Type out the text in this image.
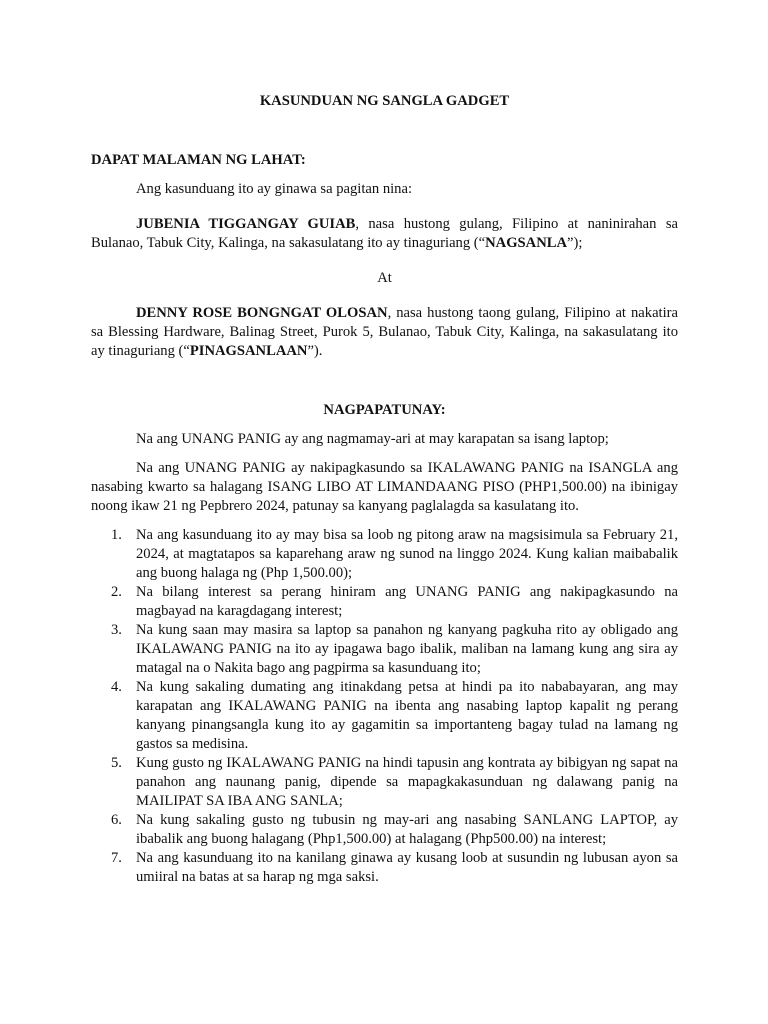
KASUNDUAN NG SANGLA GADGET

DAPAT MALAMAN NG LAHAT:

Ang kasunduang ito ay ginawa sa pagitan nina:

JUBENIA TIGGANGAY GUIAB, nasa hustong gulang, Filipino at naninirahan sa Bulanao, Tabuk City, Kalinga, na sakasulatang ito ay tinaguriang (“NAGSANLA”);

At

DENNY ROSE BONGNGAT OLOSAN, nasa hustong taong gulang, Filipino at nakatira sa Blessing Hardware, Balinag Street, Purok 5, Bulanao, Tabuk City, Kalinga, na sakasulatang ito ay tinaguriang (“PINAGSANLAAN”).

NAGPAPATUNAY:

Na ang UNANG PANIG ay ang nagmamay-ari at may karapatan sa isang laptop;

Na ang UNANG PANIG ay nakipagkasundo sa IKALAWANG PANIG na ISANGLA ang nasabing kwarto sa halagang ISANG LIBO AT LIMANDAANG PISO (PHP1,500.00) na ibinigay noong ikaw 21 ng Pepbrero 2024, patunay sa kanyang paglalagda sa kasulatang ito.

1. Na ang kasunduang ito ay may bisa sa loob ng pitong araw na magsisimula sa February 21, 2024, at magtatapos sa kaparehang araw ng sunod na linggo 2024. Kung kalian maibabalik ang buong halaga ng (Php 1,500.00);
2. Na bilang interest sa perang hiniram ang UNANG PANIG ang nakipagkasundo na magbayad na karagdagang interest;
3. Na kung saan may masira sa laptop sa panahon ng kanyang pagkuha rito ay obligado ang IKALAWANG PANIG na ito ay ipagawa bago ibalik, maliban na lamang kung ang sira ay matagal na o Nakita bago ang pagpirma sa kasunduang ito;
4. Na kung sakaling dumating ang itinakdang petsa at hindi pa ito nababayaran, ang may karapatan ang IKALAWANG PANIG na ibenta ang nasabing laptop kapalit ng perang kanyang pinangsangla kung ito ay gagamitin sa importanteng bagay tulad na lamang ng gastos sa medisina.
5. Kung gusto ng IKALAWANG PANIG na hindi tapusin ang kontrata ay bibigyan ng sapat na panahon ang naunang panig, dipende sa mapagkakasunduan ng dalawang panig na MAILIPAT SA IBA ANG SANLA;
6. Na kung sakaling gusto ng tubusin ng may-ari ang nasabing SANLANG LAPTOP, ay ibabalik ang buong halagang (Php1,500.00) at halagang (Php500.00) na interest;
7. Na ang kasunduang ito na kanilang ginawa ay kusang loob at susundin ng lubusan ayon sa umiiral na batas at sa harap ng mga saksi.
